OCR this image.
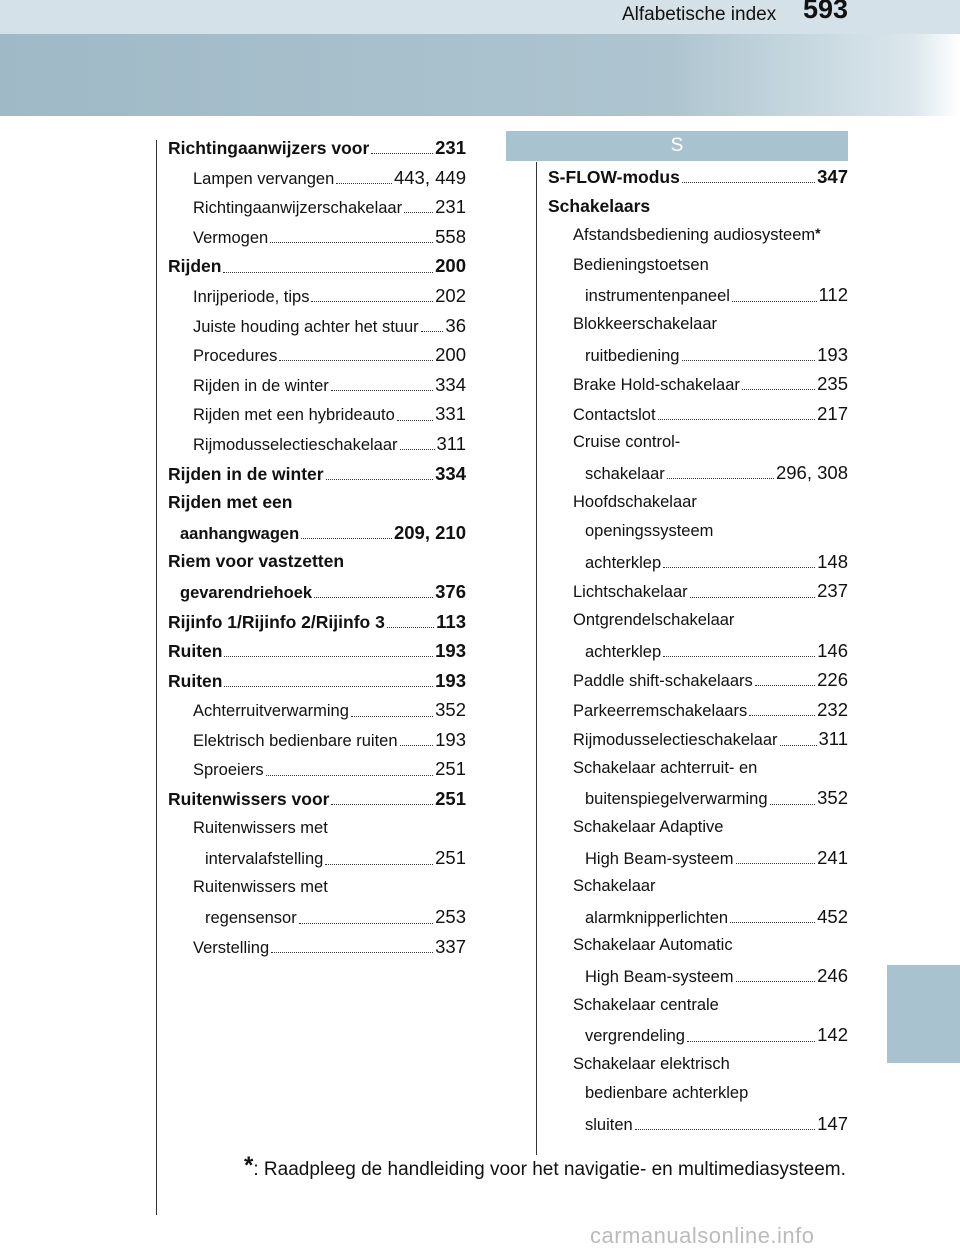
Alfabetische index 593
Richtingaanwijzers voor	231
Lampen vervangen	443, 449
Richtingaanwijzerschakelaar 231
Vermogen	558
Rijden	200
Inrijperiode, tips	202
Juiste houding achter het stuur 36
Procedures	200
Rijden in de winter	334
Rijden met een hybrideauto 331
Rijmodusselectieschakelaar 311
Rijden in de winter	334
Rijden met een
aanhangwagen	209, 210
Riem voor vastzetten
gevarendriehoek	376
Rijinfo 1/Rijinfo 2/Rijinfo 3	113
Ruiten	193
Ruiten	193
Achterruitverwarming	352
Elektrisch bedienbare ruiten 193
Sproeiers	251
Ruitenwissers voor	251
Ruitenwissers met
intervalafstelling	251
Ruitenwissers met
regensensor	253
Verstelling	337
S
S-FLOW-modus	347
Schakelaars
Afstandsbediening audiosysteem*
Bedieningstoetsen
instrumentenpaneel	112
Blokkeerschakelaar
ruitbediening	193
Brake Hold-schakelaar	235
Contactslot	217
Cruise control-
schakelaar	296, 308
Hoofdschakelaar
openingssysteem
achterklep	148
Lichtschakelaar	237
Ontgrendelschakelaar
achterklep	146
Paddle shift-schakelaars	226
Parkeerremschakelaars	232
Rijmodusselectieschakelaar 311
Schakelaar achterruit- en
buitenspiegelverwarming	352
Schakelaar Adaptive
High Beam-systeem	241
Schakelaar
alarmknipperlichten	452
Schakelaar Automatic
High Beam-systeem	246
Schakelaar centrale
vergrendeling	142
Schakelaar elektrisch
bedienbare achterklep
sluiten	147
*: Raadpleeg de handleiding voor het navigatie- en multimediasysteem.
carmanualsonline.info
